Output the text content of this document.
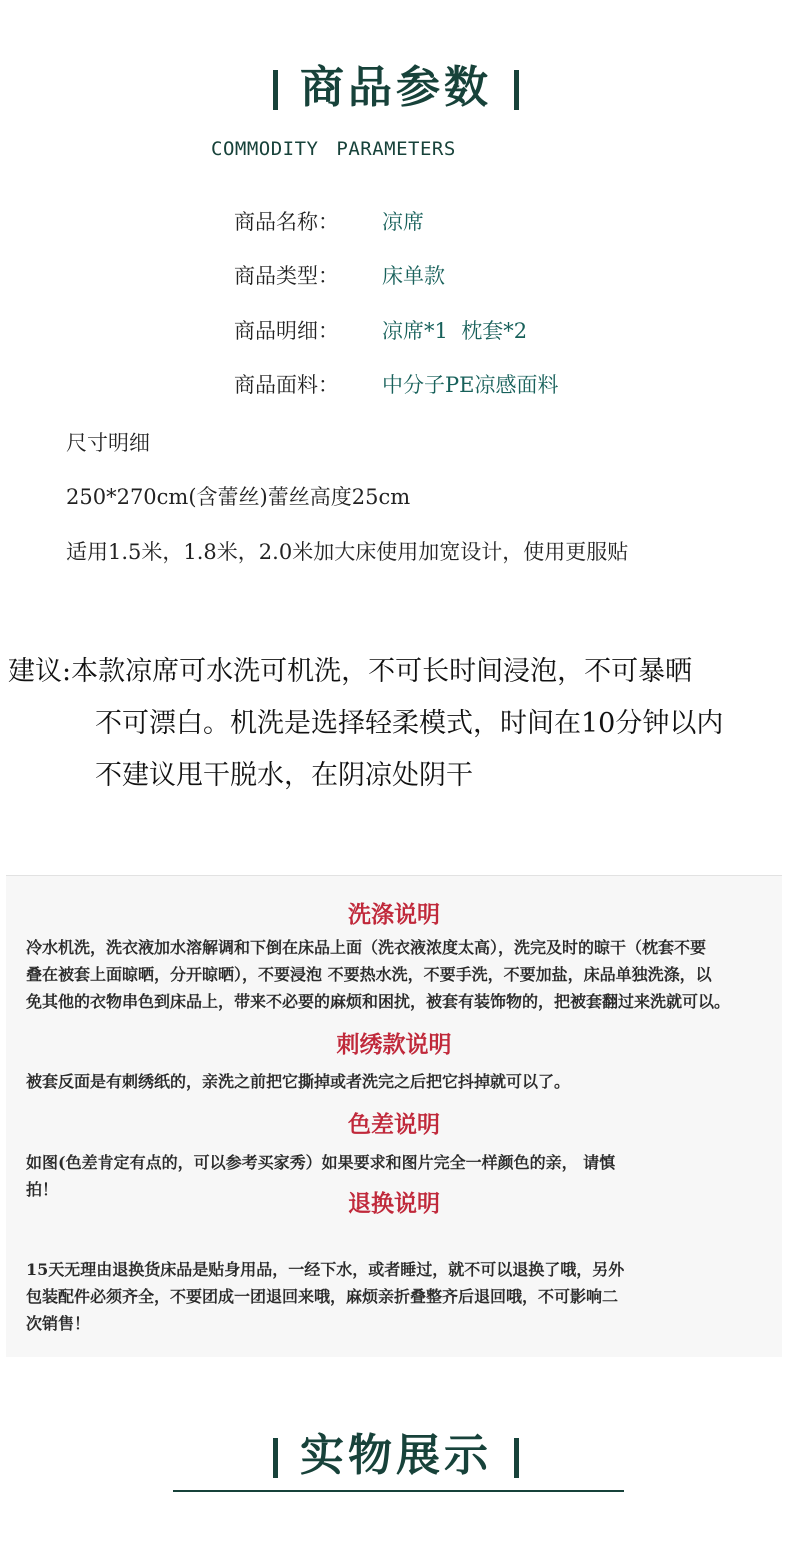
商品参数
COMMODITY PARAMETERS
商品名称： 凉席
商品类型： 床单款
商品明细： 凉席*1  枕套*2
商品面料： 中分子PE凉感面料
尺寸明细
250*270cm(含蕾丝)蕾丝高度25cm
适用1.5米，1.8米，2.0米加大床使用加宽设计，使用更服贴
建议:本款凉席可水洗可机洗，不可长时间浸泡，不可暴晒
不可漂白。机洗是选择轻柔模式，时间在10分钟以内
不建议甩干脱水，在阴凉处阴干
洗涤说明
冷水机洗，洗衣液加水溶解调和下倒在床品上面（洗衣液浓度太高），洗完及时的晾干（枕套不要
叠在被套上面晾晒，分开晾晒），不要浸泡 不要热水洗，不要手洗，不要加盐，床品单独洗涤，以
免其他的衣物串色到床品上，带来不必要的麻烦和困扰，被套有装饰物的，把被套翻过来洗就可以。
刺绣款说明
被套反面是有刺绣纸的，亲洗之前把它撕掉或者洗完之后把它抖掉就可以了。
色差说明
如图(色差肯定有点的，可以参考买家秀）如果要求和图片完全一样颜色的亲， 请慎
拍！
退换说明
15天无理由退换货床品是贴身用品，一经下水，或者睡过，就不可以退换了哦，另外
包装配件必须齐全，不要团成一团退回来哦，麻烦亲折叠整齐后退回哦，不可影响二
次销售！
实物展示
